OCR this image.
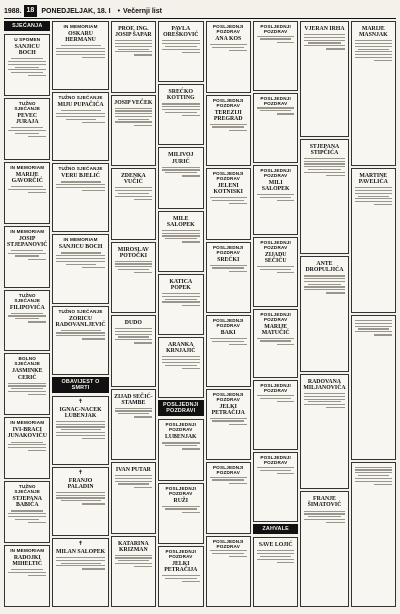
1988. 18	PONEDJELJAK, 18. I • Večernji list
SJEĆANJA
U SPOMEN
SANJICU BOCH
TUŽNO SJEĆANJE
PEVEC JURAJA
IN MEMORIAM
MARIJE GAVORČIĆ
IN MEMORIAM
JOSIP STJEPANOVIĆ
TUŽNO SJEĆANJE
FILIPOVIĆA
BOLNO SJEĆANJE
JASMINKE CERIĆ
IN MEMORIAM
IVI-BRACI JUNAKOVIĆU
TUŽNO SJEĆANJE
STJEPANA BABIĆA
IN MEMORIAM
RADOJKI MIHELTIĆ
IN MEMORIAM
OSKARU HERMANU
TUŽNO SJEĆANJE
MIJU PUPAČIĆA
TUŽNO SJEĆANJE
VERU BJELIĆ
IN MEMORIAM
SANJICU BOCH
TUŽNO SJEĆANJE
ZORICU RADOVANLJEVIĆ
OBAVIJEST O SMRTI
✝
IGNAC-NACEK LUBENJAK
✝
FRANJO PALADIN
✝
MILAN SALOPEK
PROF. ING. JOSIP ŠAPAR
JOSIP VEČEK
ZDENKA VUČIĆ
MIROSLAV POTOČKI
DUDO
ZIJAD SEČIĆ-STAMBE
IVAN PUTAR
KATARINA KRIZMAN
PAVLA OREŠKOVIĆ
SREĆKO KOTTING
MILIVOJ JURIĆ
MILE SALOPEK
KATICA POPEK
ARANKA KRNJAJIĆ
POSLJEDNJI POZDRAVI
POSLJEDNJI POZDRAV
LUBENJAK
POSLJEDNJI POZDRAV
RUŽI
POSLJEDNJI POZDRAV
JELKI PETRAČIJA
POSLJEDNJI POZDRAV
ANA KOS
POSLJEDNJI POZDRAV
TEREZIJI PREGRAD
POSLJEDNJI POZDRAV
JELENI KOTNISKI
POSLJEDNJI POZDRAV
SREĆKI
POSLJEDNJI POZDRAV
BAKI
POSLJEDNJI POZDRAV
JELKI PETRAČIJA
POSLJEDNJI POZDRAV
POSLJEDNJI POZDRAV
POSLJEDNJI POZDRAV
POSLJEDNJI POZDRAV
POSLJEDNJI POZDRAV
MILI SALOPEK
POSLJEDNJI POZDRAV
ZIJADU SEČIĆU
POSLJEDNJI POZDRAV
MARIJE MATUČIĆ
POSLJEDNJI POZDRAV
POSLJEDNJI POZDRAV
ZAHVALE
SAVE LOJIĆ
VJERAN IRHA
STJEPANA STIPČIĆA
ANTE DROPULJIĆA
RADOVANA MILJANOVIĆA
FRANJE ŠIMATOVIĆ
MARIJE MASNJAK
MARTINE PAVELIĆA
